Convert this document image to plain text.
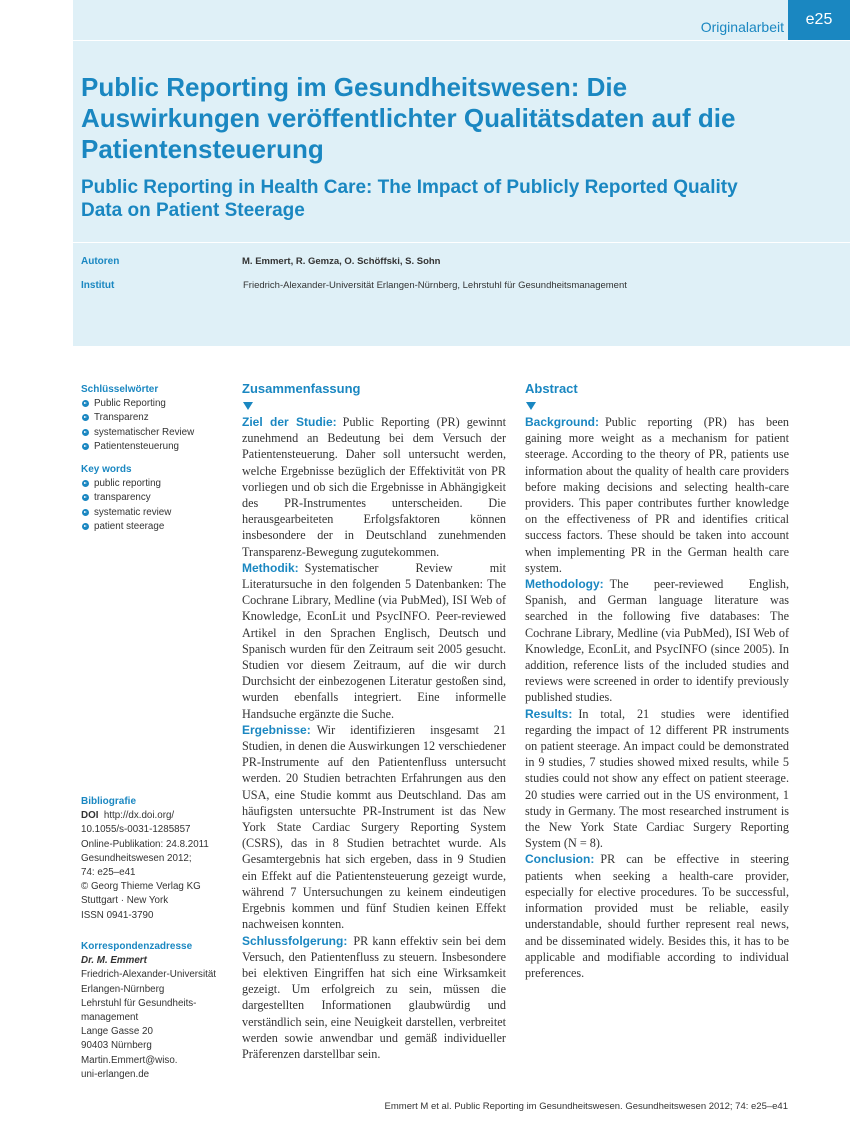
Originalarbeit	e25
Public Reporting im Gesundheitswesen: Die Auswirkungen veröffentlichter Qualitätsdaten auf die Patientensteuerung
Public Reporting in Health Care: The Impact of Publicly Reported Quality Data on Patient Steerage
Autoren	M. Emmert, R. Gemza, O. Schöffski, S. Sohn
Institut	Friedrich-Alexander-Universität Erlangen-Nürnberg, Lehrstuhl für Gesundheitsmanagement
Schlüsselwörter
Public Reporting
Transparenz
systematischer Review
Patientensteuerung
Key words
public reporting
transparency
systematic review
patient steerage
Bibliografie
DOI http://dx.doi.org/
10.1055/s-0031-1285857
Online-Publikation: 24.8.2011
Gesundheitswesen 2012;
74: e25–e41
© Georg Thieme Verlag KG
Stuttgart · New York
ISSN 0941-3790
Korrespondenzadresse
Dr. M. Emmert
Friedrich-Alexander-Universität
Erlangen-Nürnberg
Lehrstuhl für Gesundheits-
management
Lange Gasse 20
90403 Nürnberg
Martin.Emmert@wiso.
uni-erlangen.de
Zusammenfassung

Ziel der Studie: Public Reporting (PR) gewinnt zunehmend an Bedeutung bei dem Versuch der Patientensteuerung. Daher soll untersucht werden, welche Ergebnisse bezüglich der Effektivität von PR vorliegen und ob sich die Ergebnisse in Abhängigkeit des PR-Instrumentes unterscheiden. Die herausgearbeiteten Erfolgsfaktoren können insbesondere der in Deutschland zunehmenden Transparenz-Bewegung zugutekommen.

Methodik: Systematischer Review mit Literatursuche in den folgenden 5 Datenbanken: The Cochrane Library, Medline (via PubMed), ISI Web of Knowledge, EconLit und PsycINFO. Peer-reviewed Artikel in den Sprachen Englisch, Deutsch und Spanisch wurden für den Zeitraum seit 2005 gesucht. Studien vor diesem Zeitraum, auf die wir durch Durchsicht der einbezogenen Literatur gestoßen sind, wurden ebenfalls integriert. Eine informelle Handsuche ergänzte die Suche.

Ergebnisse: Wir identifizieren insgesamt 21 Studien, in denen die Auswirkungen 12 verschiedener PR-Instrumente auf den Patientenfluss untersucht werden. 20 Studien betrachten Erfahrungen aus den USA, eine Studie kommt aus Deutschland. Das am häufigsten untersuchte PR-Instrument ist das New York State Cardiac Surgery Reporting System (CSRS), das in 8 Studien betrachtet wurde. Als Gesamtergebnis hat sich ergeben, dass in 9 Studien ein Effekt auf die Patientensteuerung gezeigt wurde, während 7 Untersuchungen zu keinem eindeutigen Ergebnis kommen und fünf Studien keinen Effekt nachweisen konnten.

Schlussfolgerung: PR kann effektiv sein bei dem Versuch, den Patientenfluss zu steuern. Insbesondere bei elektiven Eingriffen hat sich eine Wirksamkeit gezeigt. Um erfolgreich zu sein, müssen die dargestellten Informationen glaubwürdig und verständlich sein, eine Neuigkeit darstellen, verbreitet werden sowie anwendbar und gemäß individueller Präferenzen darstellbar sein.

Abstract

Background: Public reporting (PR) has been gaining more weight as a mechanism for patient steerage. According to the theory of PR, patients use information about the quality of health care providers before making decisions and selecting health-care providers. This paper contributes further knowledge on the effectiveness of PR and identifies critical success factors. These should be taken into account when implementing PR in the German health care system.

Methodology: The peer-reviewed English, Spanish, and German language literature was searched in the following five databases: The Cochrane Library, Medline (via PubMed), ISI Web of Knowledge, EconLit, and PsycINFO (since 2005). In addition, reference lists of the included studies and reviews were screened in order to identify previously published studies.

Results: In total, 21 studies were identified regarding the impact of 12 different PR instruments on patient steerage. An impact could be demonstrated in 9 studies, 7 studies showed mixed results, while 5 studies could not show any effect on patient steerage. 20 studies were carried out in the US environment, 1 study in Germany. The most researched instrument is the New York State Cardiac Surgery Reporting System (N = 8).

Conclusion: PR can be effective in steering patients when seeking a health-care provider, especially for elective procedures. To be successful, information provided must be reliable, easily understandable, should further represent real news, and be disseminated widely. Besides this, it has to be applicable and modifiable according to individual preferences.

Emmert M et al. Public Reporting im Gesundheitswesen. Gesundheitswesen 2012; 74: e25–e41
